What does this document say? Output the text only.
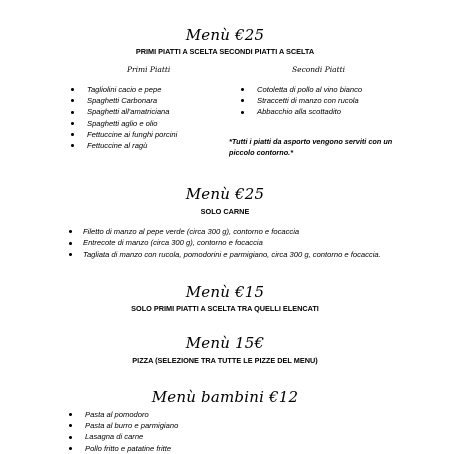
Menù €25
PRIMI PIATTI A SCELTA SECONDI PIATTI A SCELTA
Primi Piatti	Secondi Piatti
Tagliolini cacio e pepe
Spaghetti Carbonara
Spaghetti all'amatriciana
Spaghetti aglio e olio
Fettuccine ai funghi porcini
Fettuccine al ragù
Cotoletta di pollo al vino bianco
Straccetti di manzo con rucola
Abbacchio alla scottadito
*Tutti i piatti da asporto vengono serviti con un piccolo contorno.*
Menù €25
SOLO CARNE
Filetto di manzo al pepe verde (circa 300 g), contorno e focaccia
Entrecote di manzo (circa 300 g), contorno e focaccia
Tagliata di manzo con rucola, pomodorini e parmigiano, circa 300 g, contorno e focaccia.
Menù €15
SOLO PRIMI PIATTI A SCELTA TRA QUELLI ELENCATI
Menù 15€
PIZZA (SELEZIONE TRA TUTTE LE PIZZE DEL MENU)
Menù bambini €12
Pasta al pomodoro
Pasta al burro e parmigiano
Lasagna di carne
Pollo fritto e patatine fritte
